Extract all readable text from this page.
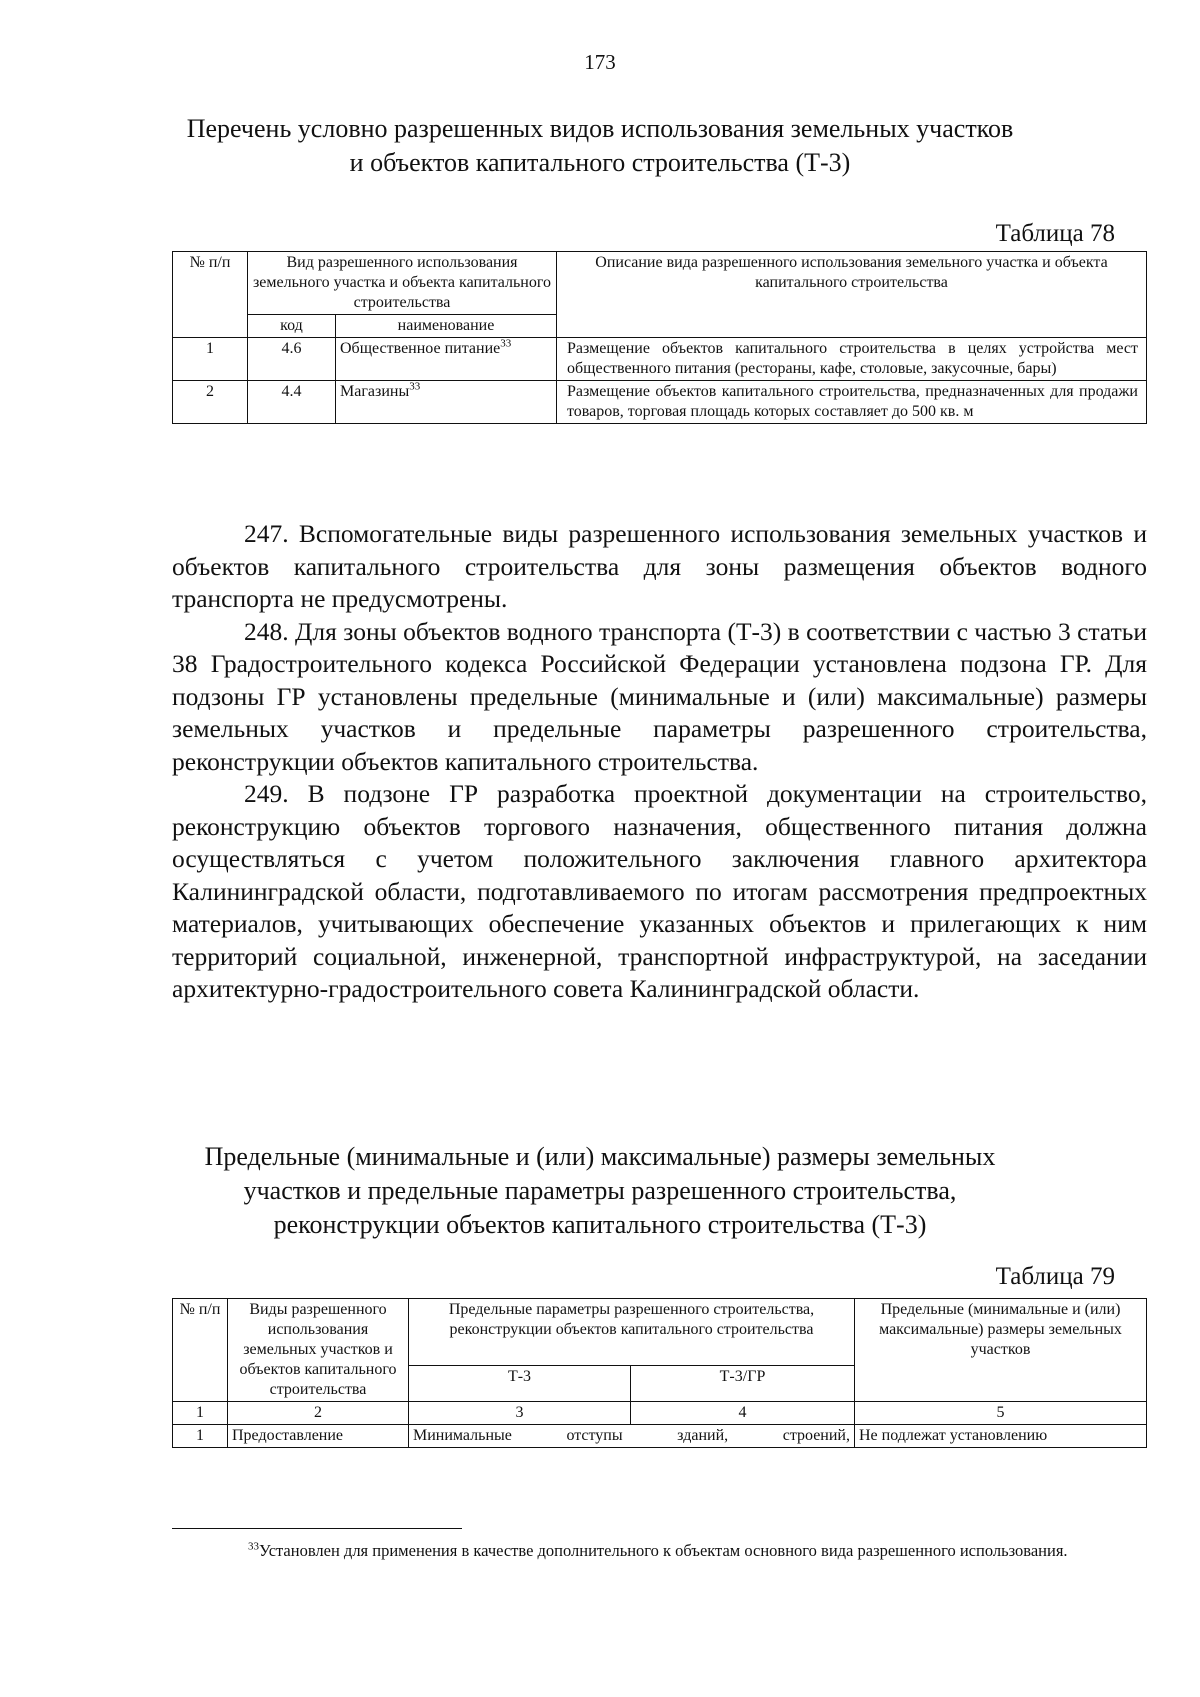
173
Перечень условно разрешенных видов использования земельных участков
и объектов капитального строительства (Т-3)
Таблица 78
№ п/п	Вид разрешенного использования земельного участка и объекта капитального строительства		Описание вида разрешенного использования земельного участка и объекта капитального строительства
	код	наименование	
1	4.6	Общественное питание$^{33}$	Размещение объектов капитального строительства в целях устройства мест общественного питания (рестораны, кафе, столовые, закусочные, бары)
2	4.4	Магазины$^{33}$	Размещение объектов капитального строительства, предназначенных для продажи товаров, торговая площадь которых составляет до 500 кв. м

247. Вспомогательные виды разрешенного использования земельных участков и объектов капитального строительства для зоны размещения объектов водного транспорта не предусмотрены.

248. Для зоны объектов водного транспорта (Т-3) в соответствии с частью 3 статьи 38 Градостроительного кодекса Российской Федерации установлена подзона ГР. Для подзоны ГР установлены предельные (минимальные и (или) максимальные) размеры земельных участков и предельные параметры разрешенного строительства, реконструкции объектов капитального строительства.

249. В подзоне ГР разработка проектной документации на строительство, реконструкцию объектов торгового назначения, общественного питания должна осуществляться с учетом положительного заключения главного архитектора Калининградской области, подготавливаемого по итогам рассмотрения предпроектных материалов, учитывающих обеспечение указанных объектов и прилегающих к ним территорий социальной, инженерной, транспортной инфраструктурой, на заседании архитектурно-градостроительного совета Калининградской области.

Предельные (минимальные и (или) максимальные) размеры земельных
участков и предельные параметры разрешенного строительства,
реконструкции объектов капитального строительства (Т-3)
Таблица 79
№ п/п	Виды разрешенного использования земельных участков и объектов капитального строительства	Предельные параметры разрешенного строительства, реконструкции объектов капитального строительства		Предельные (минимальные и (или) максимальные) размеры земельных участков
		Т-3	Т-3/ГР	
1	2	3	4	5
1	Предоставление	Минимальные отступы зданий, строений,		Не подлежат установлению
$^{33}$Установлен для применения в качестве дополнительного к объектам основного вида разрешенного использования.
